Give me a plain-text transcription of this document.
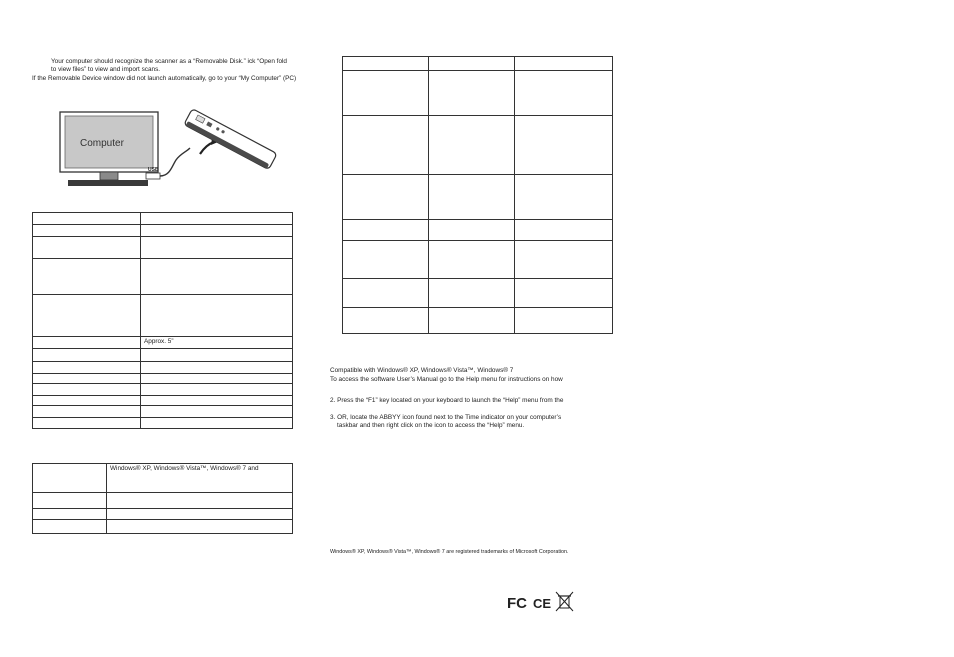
Your computer should recognize the scanner as a “Removable Disk.” ick “Open fold
to view files” to view and import scans.
If the Removable Device window did not launch automatically, go to your “My Computer” (PC)
Computer
USB

	Approx. 5”

	Windows® XP, Windows® Vista™, Windows® 7 and

Compatible with Windows® XP, Windows® Vista™, Windows® 7
To access the software User’s Manual go to the Help menu for instructions on how
2. Press the “F1” key located on your keyboard to launch the “Help” menu from the
3. OR, locate the ABBYY icon found next to the Time indicator on your computer’s
taskbar and then right click on the icon to access the “Help” menu.
Windows® XP, Windows® Vista™, Windows® 7 are registered trademarks of Microsoft Corporation.
FC CE
